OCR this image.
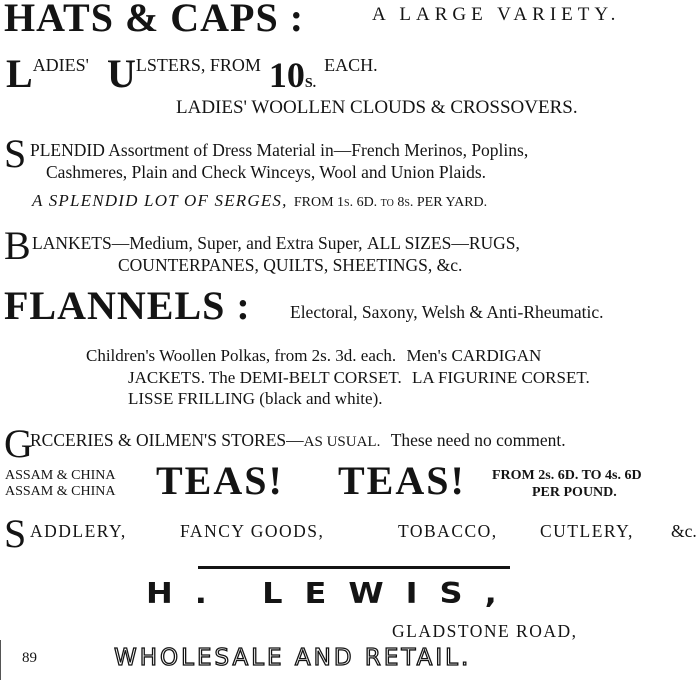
HATS & CAPS :	A LARGE VARIETY.
LADIES' ULSTERS, FROM 10S. EACH.
LADIES' WOOLLEN CLOUDS & CROSSOVERS.
S PLENDID Assortment of Dress Material in—French Merinos, Poplins,
Cashmeres, Plain and Check Winceys, Wool and Union Plaids.
A SPLENDID LOT OF SERGES, FROM 1s. 6D. to 8s. PER YARD.
B LANKETS—Medium, Super, and Extra Super, ALL SIZES—RUGS,
COUNTERPANES, QUILTS, SHEETINGS, &c.
FLANNELS : Electoral, Saxony, Welsh & Anti-Rheumatic.
Children's Woollen Polkas, from 2s. 3d. each. Men's CARDIGAN
JACKETS. The DEMI-BELT CORSET. LA FIGURINE CORSET.
LISSE FRILLING (black and white).
G
RCCERIES & OILMEN'S STORES—AS USUAL. These need no comment.
ASSAM & CHINA
ASSAM & CHINA TEAS! TEAS! FROM 2s. 6D. TO 4s. 6D
PER POUND.
S ADDLERY,	FANCY GOODS,	TOBACCO, CUTLERY, &c.
H. LEWIS,
GLADSTONE ROAD,
89	WHOLESALE AND RETAIL.
